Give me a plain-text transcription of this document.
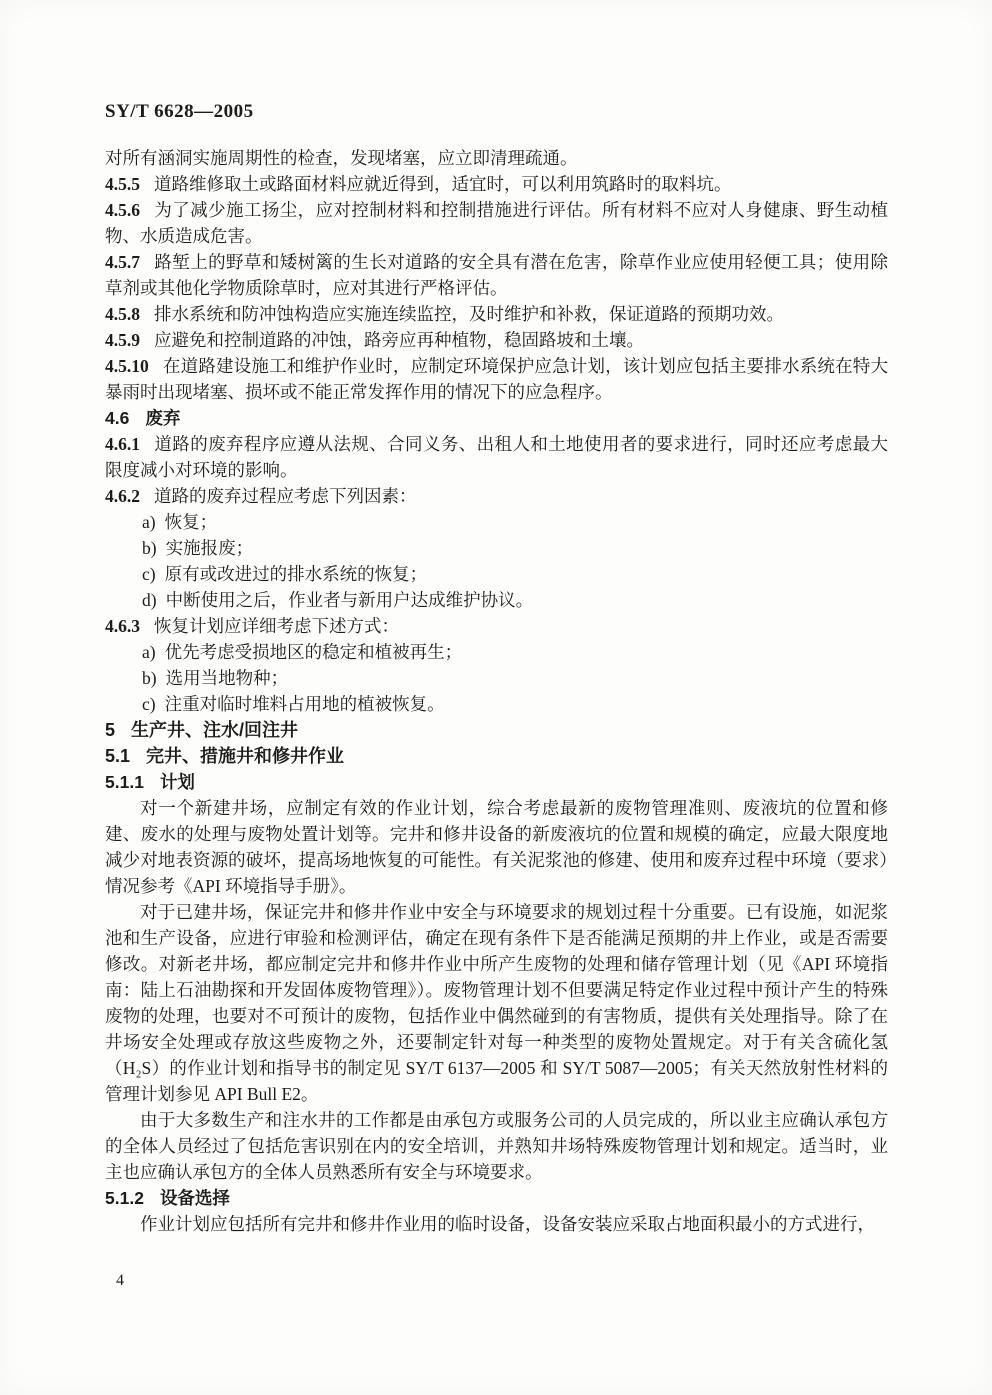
SY/T 6628—2005

对所有涵洞实施周期性的检查，发现堵塞，应立即清理疏通。

4.5.5 道路维修取土或路面材料应就近得到，适宜时，可以利用筑路时的取料坑。

4.5.6 为了减少施工扬尘，应对控制材料和控制措施进行评估。所有材料不应对人身健康、野生动植物、水质造成危害。

4.5.7 路堑上的野草和矮树篱的生长对道路的安全具有潜在危害，除草作业应使用轻便工具；使用除草剂或其他化学物质除草时，应对其进行严格评估。

4.5.8 排水系统和防冲蚀构造应实施连续监控，及时维护和补救，保证道路的预期功效。

4.5.9 应避免和控制道路的冲蚀，路旁应再种植物，稳固路坡和土壤。

4.5.10 在道路建设施工和维护作业时，应制定环境保护应急计划，该计划应包括主要排水系统在特大暴雨时出现堵塞、损坏或不能正常发挥作用的情况下的应急程序。

4.6 废弃

4.6.1 道路的废弃程序应遵从法规、合同义务、出租人和土地使用者的要求进行，同时还应考虑最大限度减小对环境的影响。

4.6.2 道路的废弃过程应考虑下列因素：

a) 恢复；

b) 实施报废；

c) 原有或改进过的排水系统的恢复；

d) 中断使用之后，作业者与新用户达成维护协议。

4.6.3 恢复计划应详细考虑下述方式：

a) 优先考虑受损地区的稳定和植被再生；

b) 选用当地物种；

c) 注重对临时堆料占用地的植被恢复。

5 生产井、注水/回注井

5.1 完井、措施井和修井作业

5.1.1 计划

对一个新建井场，应制定有效的作业计划，综合考虑最新的废物管理准则、废液坑的位置和修建、废水的处理与废物处置计划等。完井和修井设备的新废液坑的位置和规模的确定，应最大限度地减少对地表资源的破坏，提高场地恢复的可能性。有关泥浆池的修建、使用和废弃过程中环境（要求）情况参考《API 环境指导手册》。

对于已建井场，保证完井和修井作业中安全与环境要求的规划过程十分重要。已有设施，如泥浆池和生产设备，应进行审验和检测评估，确定在现有条件下是否能满足预期的井上作业，或是否需要修改。对新老井场，都应制定完井和修井作业中所产生废物的处理和储存管理计划（见《API 环境指南：陆上石油勘探和开发固体废物管理》）。废物管理计划不但要满足特定作业过程中预计产生的特殊废物的处理，也要对不可预计的废物，包括作业中偶然碰到的有害物质，提供有关处理指导。除了在井场安全处理或存放这些废物之外，还要制定针对每一种类型的废物处置规定。对于有关含硫化氢（H₂S）的作业计划和指导书的制定见 SY/T 6137—2005 和 SY/T 5087—2005；有关天然放射性材料的管理计划参见 API Bull E2。

由于大多数生产和注水井的工作都是由承包方或服务公司的人员完成的，所以业主应确认承包方的全体人员经过了包括危害识别在内的安全培训，并熟知井场特殊废物管理计划和规定。适当时，业主也应确认承包方的全体人员熟悉所有安全与环境要求。

5.1.2 设备选择

作业计划应包括所有完井和修井作业用的临时设备，设备安装应采取占地面积最小的方式进行，

4
